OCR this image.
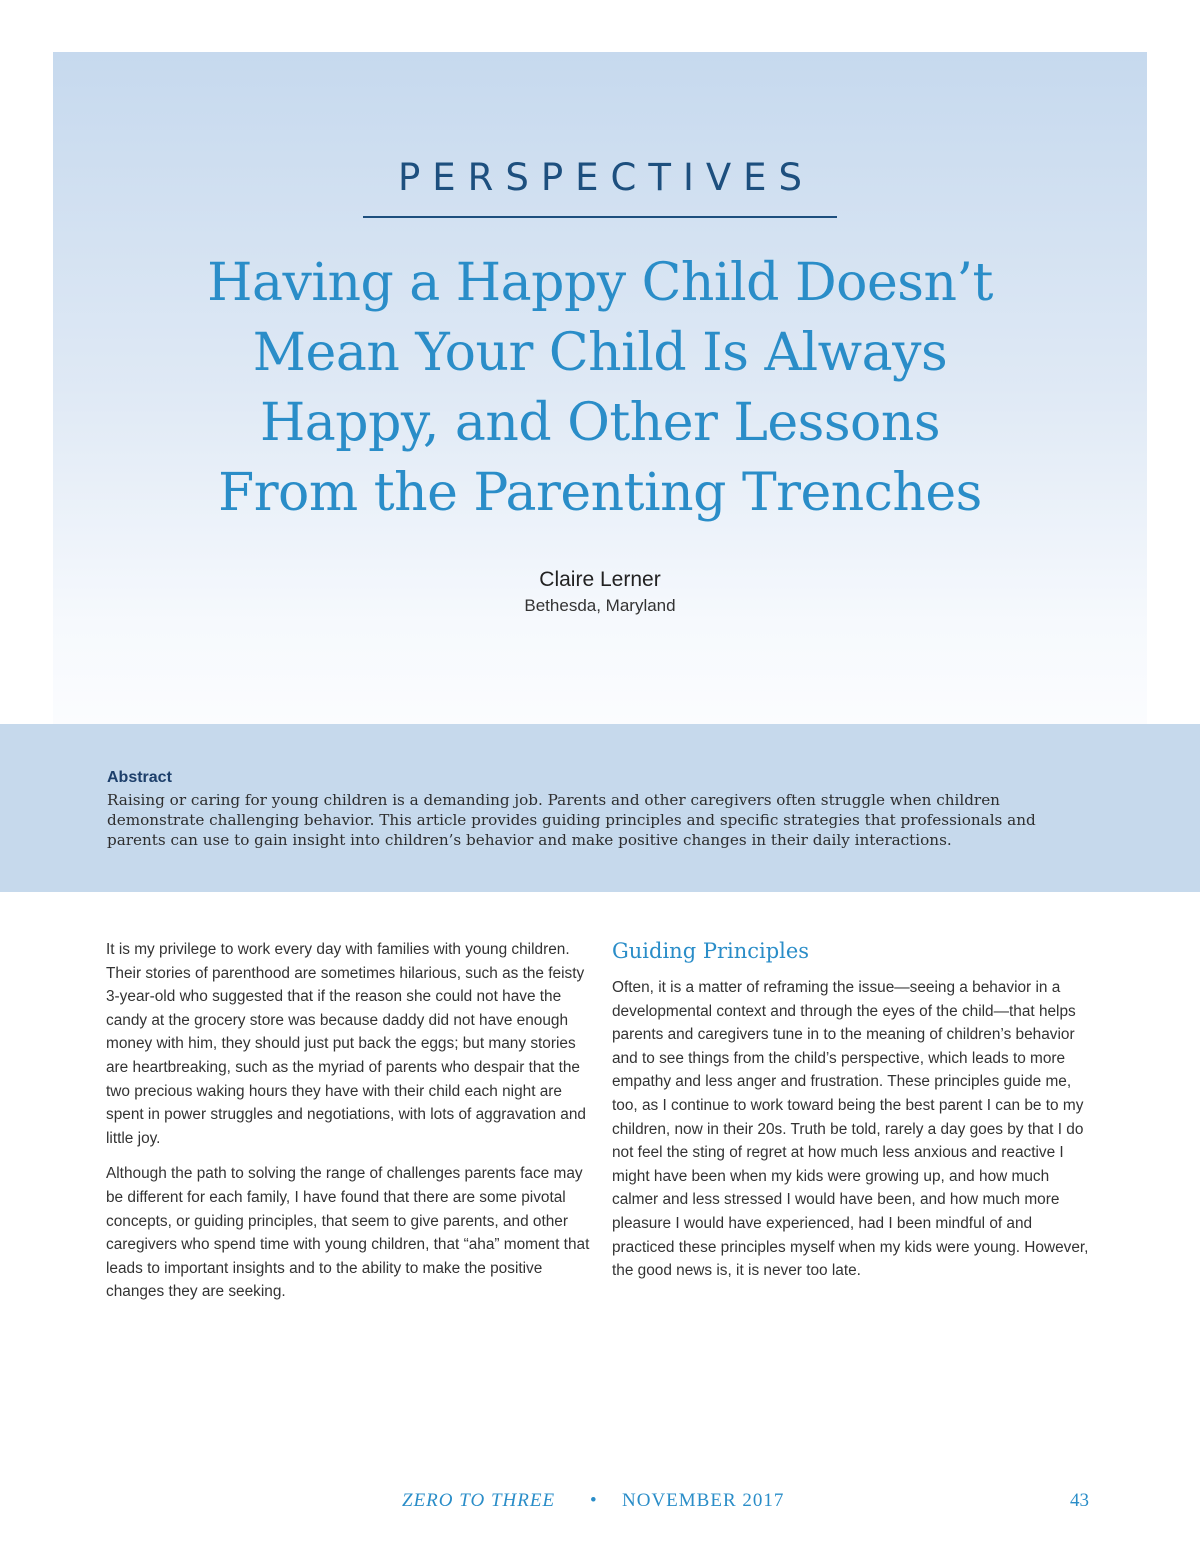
PERSPECTIVES
Having a Happy Child Doesn’t
Mean Your Child Is Always
Happy, and Other Lessons
From the Parenting Trenches
Claire Lerner
Bethesda, Maryland
Abstract
Raising or caring for young children is a demanding job. Parents and other caregivers often struggle when children demonstrate challenging behavior. This article provides guiding principles and specific strategies that professionals and parents can use to gain insight into children’s behavior and make positive changes in their daily interactions.

It is my privilege to work every day with families with young children. Their stories of parenthood are sometimes hilarious, such as the feisty 3-year-old who suggested that if the reason she could not have the candy at the grocery store was because daddy did not have enough money with him, they should just put back the eggs; but many stories are heartbreaking, such as the myriad of parents who despair that the two precious waking hours they have with their child each night are spent in power struggles and negotiations, with lots of aggravation and little joy.

Although the path to solving the range of challenges parents face may be different for each family, I have found that there are some pivotal concepts, or guiding principles, that seem to give parents, and other caregivers who spend time with young children, that “aha” moment that leads to important insights and to the ability to make the positive changes they are seeking.

Guiding Principles

Often, it is a matter of reframing the issue—seeing a behavior in a developmental context and through the eyes of the child—that helps parents and caregivers tune in to the meaning of children’s behavior and to see things from the child’s perspective, which leads to more empathy and less anger and frustration. These principles guide me, too, as I continue to work toward being the best parent I can be to my children, now in their 20s. Truth be told, rarely a day goes by that I do not feel the sting of regret at how much less anxious and reactive I might have been when my kids were growing up, and how much calmer and less stressed I would have been, and how much more pleasure I would have experienced, had I been mindful of and practiced these principles myself when my kids were young. However, the good news is, it is never too late.

ZERO TO THREE • NOVEMBER 2017	43
